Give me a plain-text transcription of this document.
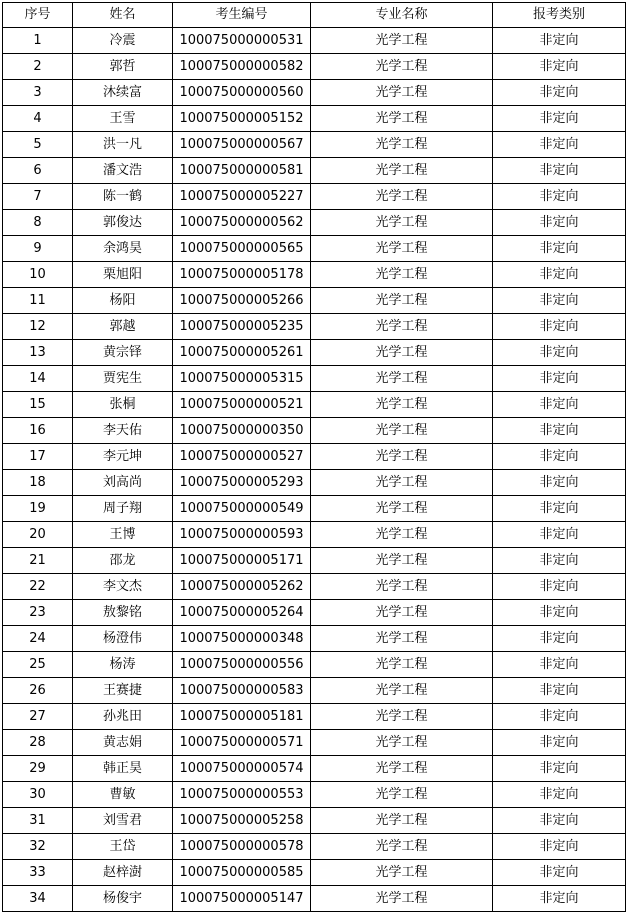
序号	姓名	考生编号	专业名称	报考类别
1	冷震	100075000000531	光学工程	非定向
2	郭哲	100075000000582	光学工程	非定向
3	沐续富	100075000000560	光学工程	非定向
4	王雪	100075000005152	光学工程	非定向
5	洪一凡	100075000000567	光学工程	非定向
6	潘文浩	100075000000581	光学工程	非定向
7	陈一鹤	100075000005227	光学工程	非定向
8	郭俊达	100075000000562	光学工程	非定向
9	余鸿昊	100075000000565	光学工程	非定向
10	栗旭阳	100075000005178	光学工程	非定向
11	杨阳	100075000005266	光学工程	非定向
12	郭越	100075000005235	光学工程	非定向
13	黄宗铎	100075000005261	光学工程	非定向
14	贾宪生	100075000005315	光学工程	非定向
15	张桐	100075000000521	光学工程	非定向
16	李天佑	100075000000350	光学工程	非定向
17	李元坤	100075000000527	光学工程	非定向
18	刘高尚	100075000005293	光学工程	非定向
19	周子翔	100075000000549	光学工程	非定向
20	王博	100075000000593	光学工程	非定向
21	邵龙	100075000005171	光学工程	非定向
22	李文杰	100075000005262	光学工程	非定向
23	敖黎铭	100075000005264	光学工程	非定向
24	杨澄伟	100075000000348	光学工程	非定向
25	杨涛	100075000000556	光学工程	非定向
26	王赛捷	100075000000583	光学工程	非定向
27	孙兆田	100075000005181	光学工程	非定向
28	黄志娟	100075000000571	光学工程	非定向
29	韩正昊	100075000000574	光学工程	非定向
30	曹敏	100075000000553	光学工程	非定向
31	刘雪君	100075000005258	光学工程	非定向
32	王岱	100075000000578	光学工程	非定向
33	赵梓澍	100075000000585	光学工程	非定向
34	杨俊宇	100075000005147	光学工程	非定向
